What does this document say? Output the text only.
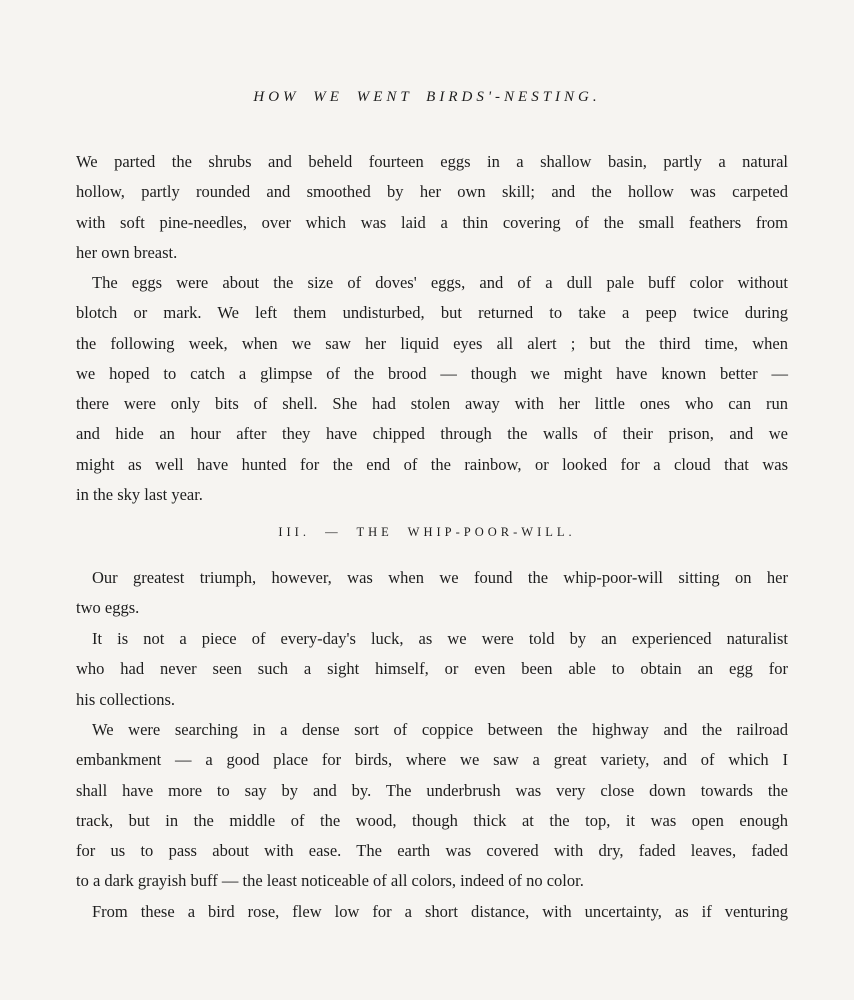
HOW WE WENT BIRDS'-NESTING.
We parted the shrubs and beheld fourteen eggs in a shallow basin, partly a natural
hollow, partly rounded and smoothed by her own skill; and the hollow was carpeted
with soft pine-needles, over which was laid a thin covering of the small feathers from
her own breast.
The eggs were about the size of doves' eggs, and of a dull pale buff color without
blotch or mark. We left them undisturbed, but returned to take a peep twice during
the following week, when we saw her liquid eyes all alert ; but the third time, when
we hoped to catch a glimpse of the brood — though we might have known better —
there were only bits of shell. She had stolen away with her little ones who can run
and hide an hour after they have chipped through the walls of their prison, and we
might as well have hunted for the end of the rainbow, or looked for a cloud that was
in the sky last year.
III. — THE WHIP-POOR-WILL.
Our greatest triumph, however, was when we found the whip-poor-will sitting on her
two eggs.
It is not a piece of every-day's luck, as we were told by an experienced naturalist
who had never seen such a sight himself, or even been able to obtain an egg for
his collections.
We were searching in a dense sort of coppice between the highway and the railroad
embankment — a good place for birds, where we saw a great variety, and of which I
shall have more to say by and by. The underbrush was very close down towards the
track, but in the middle of the wood, though thick at the top, it was open enough
for us to pass about with ease. The earth was covered with dry, faded leaves, faded
to a dark grayish buff — the least noticeable of all colors, indeed of no color.
From these a bird rose, flew low for a short distance, with uncertainty, as if venturing
